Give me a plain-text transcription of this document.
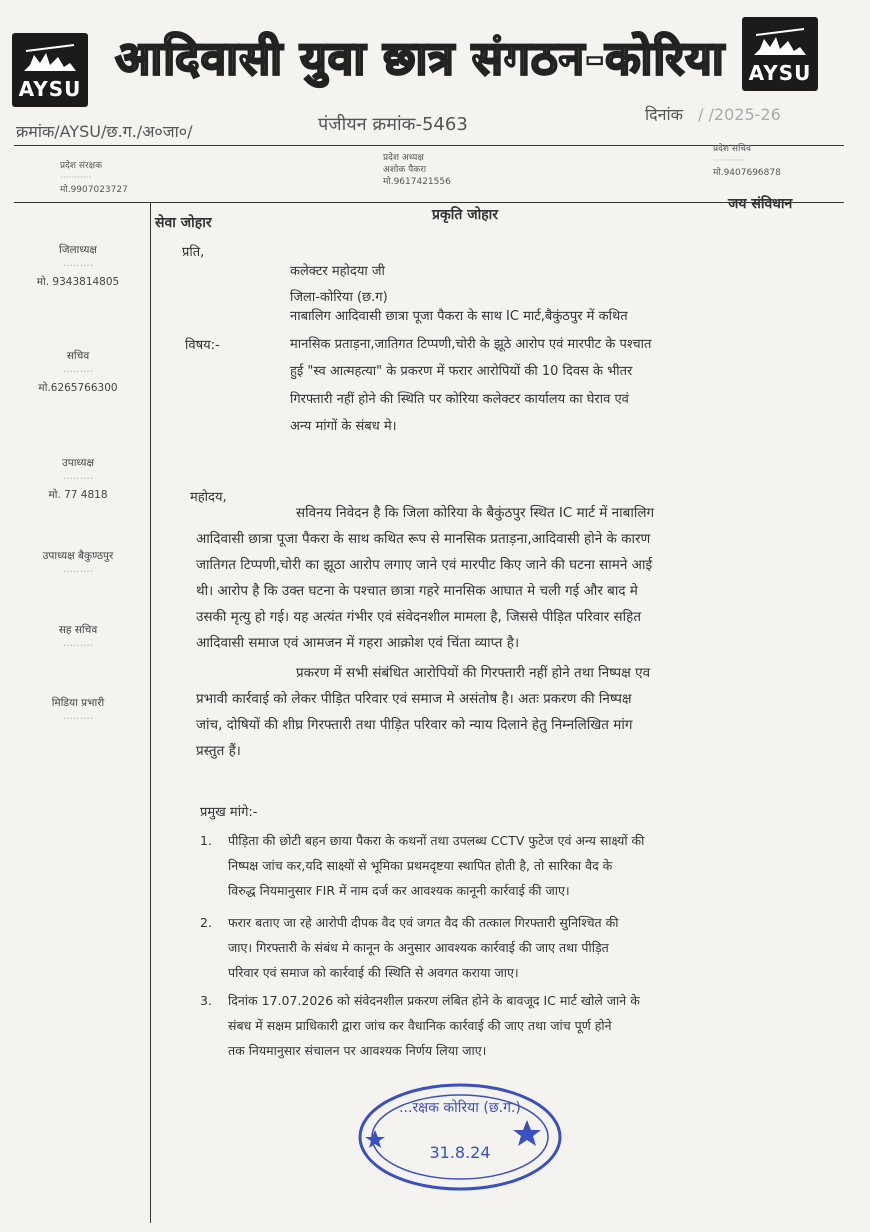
AYSU
AYSU
आदिवासी युवा छात्र संगठन-कोरिया
क्रमांक/AYSU/छ.ग./अ०जा०/	पंजीयन क्रमांक-5463	दिनांक / /2025-26
प्रदेश संरक्षक
···········
मो.9907023727
प्रदेश अध्यक्ष
अशोक पैकरा
मो.9617421556
प्रदेश सचिव
···········
मो.9407696878
जिलाध्यक्ष
·········
मो. 9343814805
सचिव
·········
मो.6265766300
उपाध्यक्ष
·········
मो. 77 4818
उपाध्यक्ष बैकुण्ठपुर
·········
सह सचिव
·········
मिडिया प्रभारी
·········
सेवा जोहार	प्रकृति जोहार
जय संविधान
प्रति,
कलेक्टर महोदया जी
जिला-कोरिया (छ.ग)
विषय:-
नाबालिग आदिवासी छात्रा पूजा पैकरा के साथ IC मार्ट,बैकुंठपुर में कथित
मानसिक प्रताड़ना,जातिगत टिप्पणी,चोरी के झूठे आरोप एवं मारपीट के पश्चात
हुई "स्व आत्महत्या" के प्रकरण में फरार आरोपियों की 10 दिवस के भीतर
गिरफ्तारी नहीं होने की स्थिति पर कोरिया कलेक्टर कार्यालय का घेराव एवं
अन्य मांगों के संबध मे।
महोदय,
सविनय निवेदन है कि जिला कोरिया के बैकुंठपुर स्थित IC मार्ट में नाबालिग
आदिवासी छात्रा पूजा पैकरा के साथ कथित रूप से मानसिक प्रताड़ना,आदिवासी होने के कारण
जातिगत टिप्पणी,चोरी का झूठा आरोप लगाए जाने एवं मारपीट किए जाने की घटना सामने आई
थी। आरोप है कि उक्त घटना के पश्चात छात्रा गहरे मानसिक आघात मे चली गई और बाद मे
उसकी मृत्यु हो गई। यह अत्यंत गंभीर एवं संवेदनशील मामला है, जिससे पीड़ित परिवार सहित
आदिवासी समाज एवं आमजन में गहरा आक्रोश एवं चिंता व्याप्त है।
प्रकरण में सभी संबंधित आरोपियों की गिरफ्तारी नहीं होने तथा निष्पक्ष एव
प्रभावी कार्रवाई को लेकर पीड़ित परिवार एवं समाज मे असंतोष है। अतः प्रकरण की निष्पक्ष
जांच, दोषियों की शीघ्र गिरफ्तारी तथा पीड़ित परिवार को न्याय दिलाने हेतु निम्नलिखित मांग
प्रस्तुत हैं।
प्रमुख मांगे:-
1. पीड़िता की छोटी बहन छाया पैकरा के कथनों तथा उपलब्ध CCTV फुटेज एवं अन्य साक्ष्यों की
निष्पक्ष जांच कर,यदि साक्ष्यों से भूमिका प्रथमदृष्टया स्थापित होती है, तो सारिका वैद के
विरुद्ध नियमानुसार FIR में नाम दर्ज कर आवश्यक कानूनी कार्रवाई की जाए।
2. फरार बताए जा रहे आरोपी दीपक वैद एवं जगत वैद की तत्काल गिरफ्तारी सुनिश्चित की
जाए। गिरफ्तारी के संबंध मे कानून के अनुसार आवश्यक कार्रवाई की जाए तथा पीड़ित
परिवार एवं समाज को कार्रवाई की स्थिति से अवगत कराया जाए।
3. दिनांक 17.07.2026 को संवेदनशील प्रकरण लंबित होने के बावजूद IC मार्ट खोले जाने के
संबध में सक्षम प्राधिकारी द्वारा जांच कर वैधानिक कार्रवाई की जाए तथा जांच पूर्ण होने
तक नियमानुसार संचालन पर आवश्यक निर्णय लिया जाए।
...रक्षक कोरिया (छ.ग.)
31.8.24
